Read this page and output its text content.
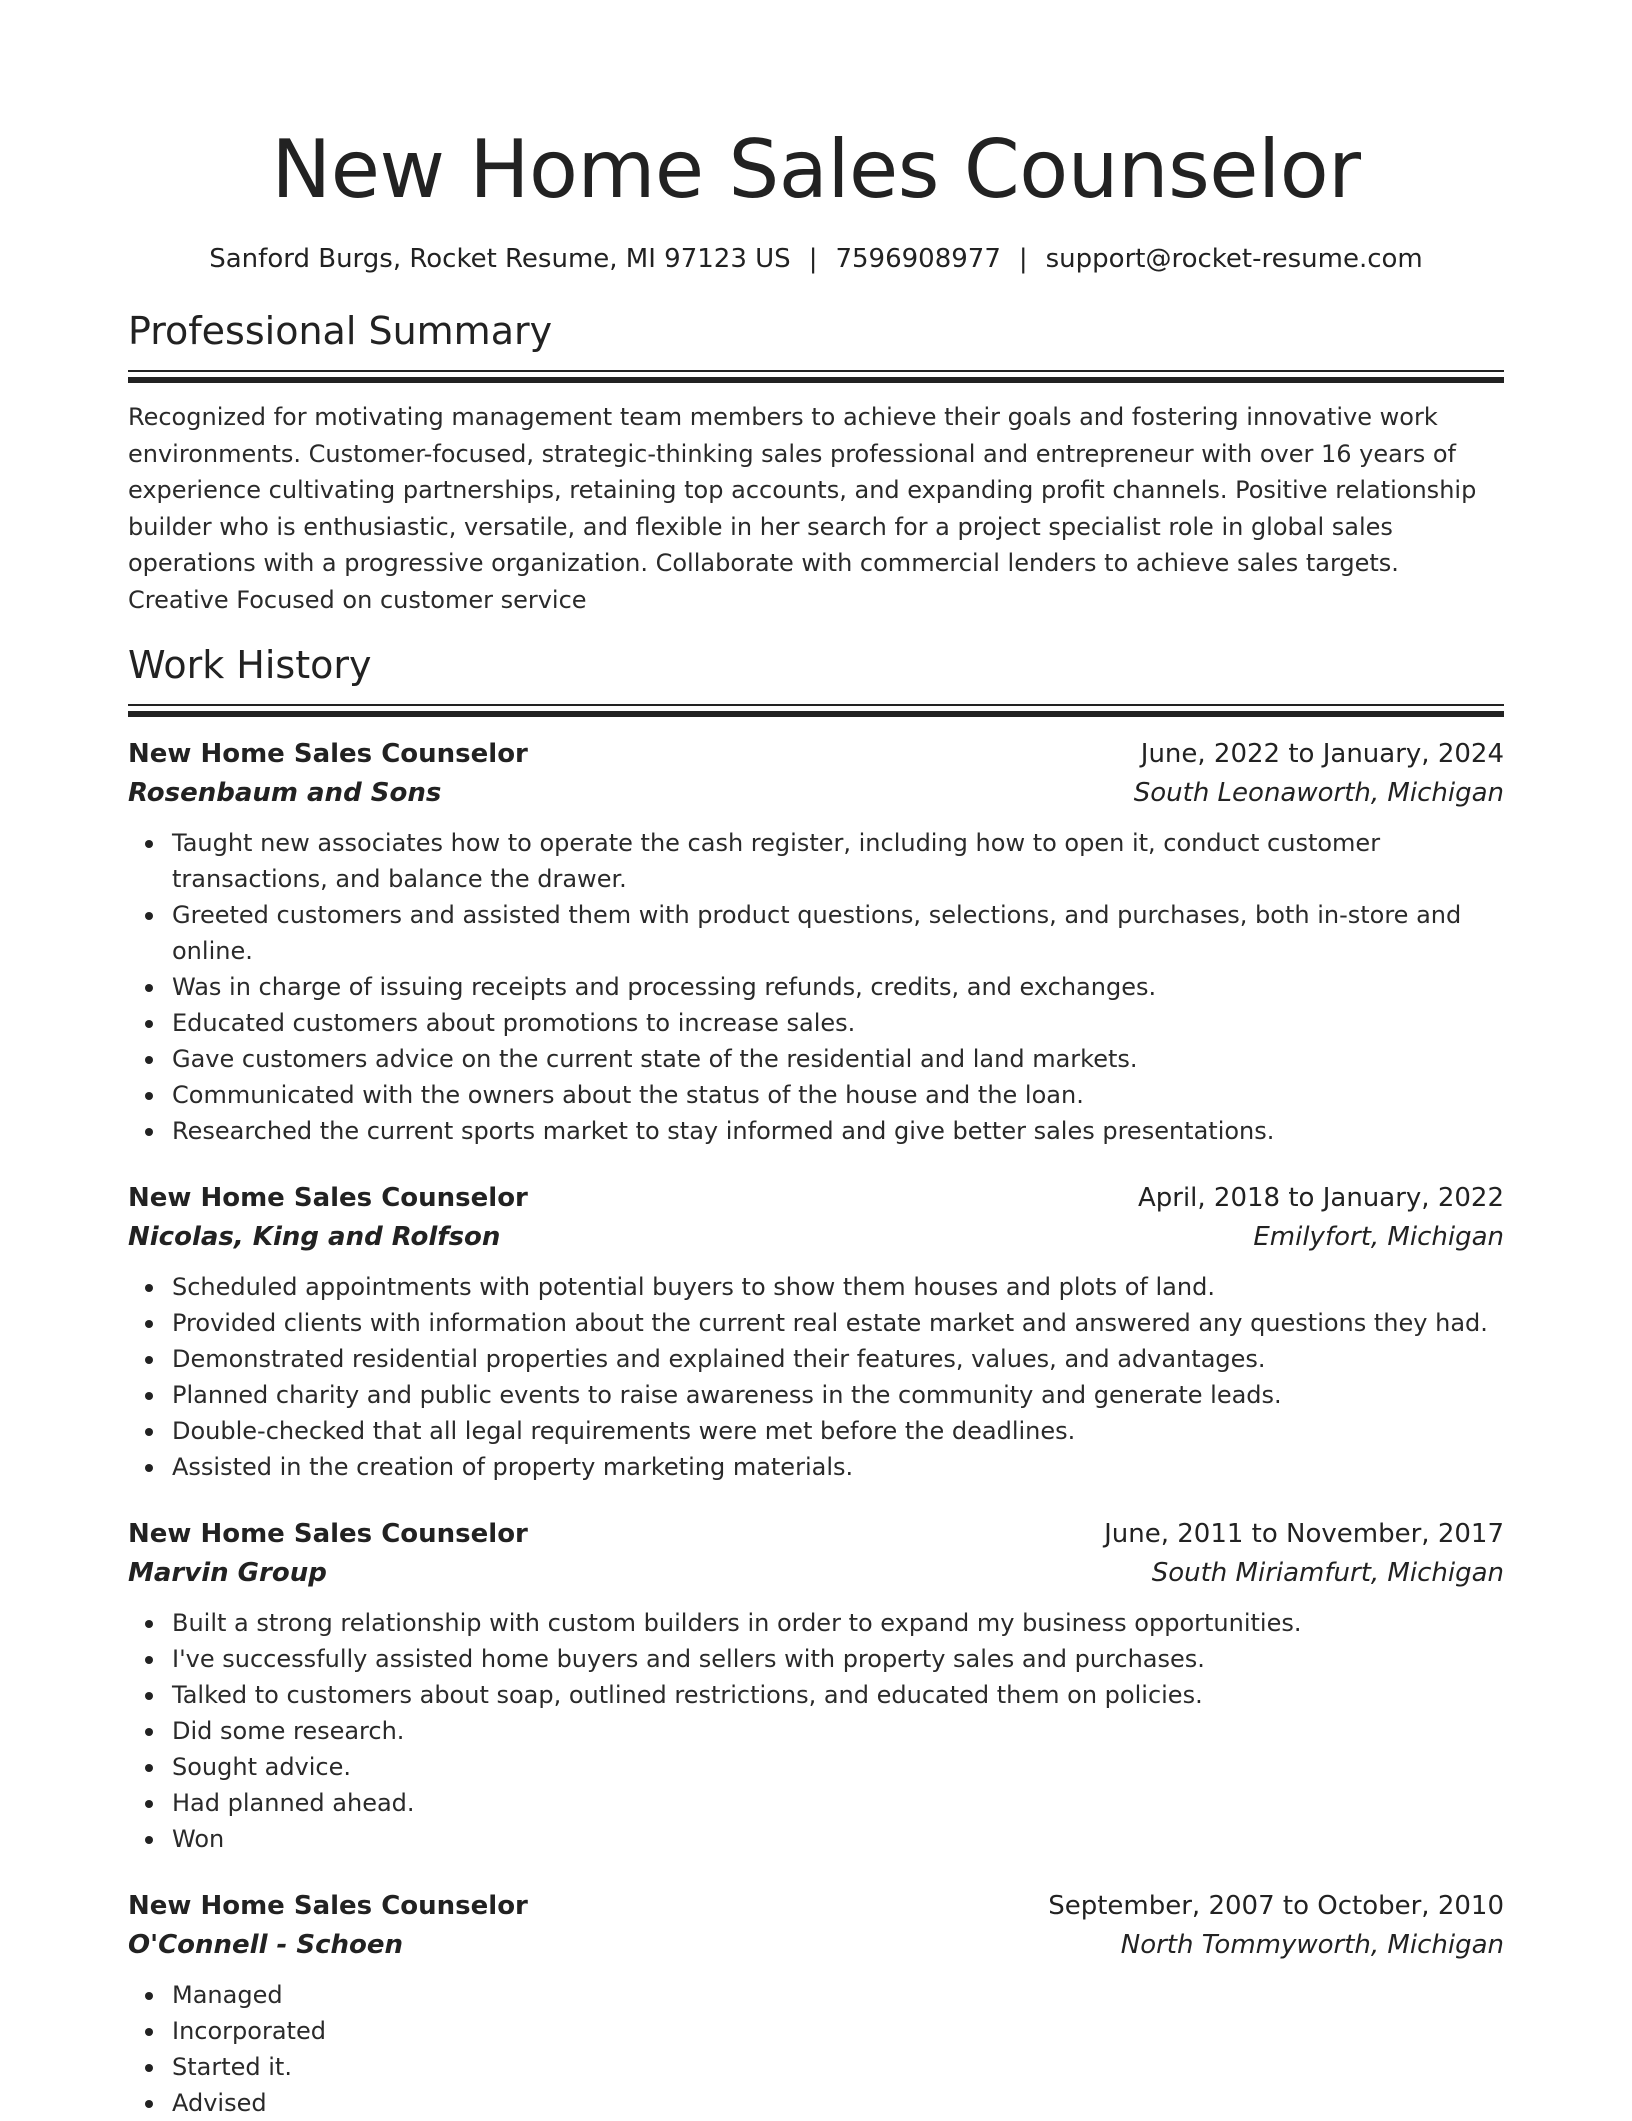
New Home Sales Counselor
Sanford Burgs, Rocket Resume, MI 97123 US | 7596908977 | support@rocket-resume.com
Professional Summary

Recognized for motivating management team members to achieve their goals and fostering innovative work environments. Customer-focused, strategic-thinking sales professional and entrepreneur with over 16 years of experience cultivating partnerships, retaining top accounts, and expanding profit channels. Positive relationship builder who is enthusiastic, versatile, and flexible in her search for a project specialist role in global sales operations with a progressive organization. Collaborate with commercial lenders to achieve sales targets. Creative Focused on customer service

Work History
New Home Sales Counselor	June, 2022 to January, 2024
Rosenbaum and Sons	South Leonaworth, Michigan
Taught new associates how to operate the cash register, including how to open it, conduct customer transactions, and balance the drawer.
Greeted customers and assisted them with product questions, selections, and purchases, both in-store and online.
Was in charge of issuing receipts and processing refunds, credits, and exchanges.
Educated customers about promotions to increase sales.
Gave customers advice on the current state of the residential and land markets.
Communicated with the owners about the status of the house and the loan.
Researched the current sports market to stay informed and give better sales presentations.
New Home Sales Counselor	April, 2018 to January, 2022
Nicolas, King and Rolfson	Emilyfort, Michigan
Scheduled appointments with potential buyers to show them houses and plots of land.
Provided clients with information about the current real estate market and answered any questions they had.
Demonstrated residential properties and explained their features, values, and advantages.
Planned charity and public events to raise awareness in the community and generate leads.
Double-checked that all legal requirements were met before the deadlines.
Assisted in the creation of property marketing materials.
New Home Sales Counselor	June, 2011 to November, 2017
Marvin Group	South Miriamfurt, Michigan
Built a strong relationship with custom builders in order to expand my business opportunities.
I've successfully assisted home buyers and sellers with property sales and purchases.
Talked to customers about soap, outlined restrictions, and educated them on policies.
Did some research.
Sought advice.
Had planned ahead.
Won
New Home Sales Counselor	September, 2007 to October, 2010
O'Connell - Schoen	North Tommyworth, Michigan
Managed
Incorporated
Started it.
Advised
